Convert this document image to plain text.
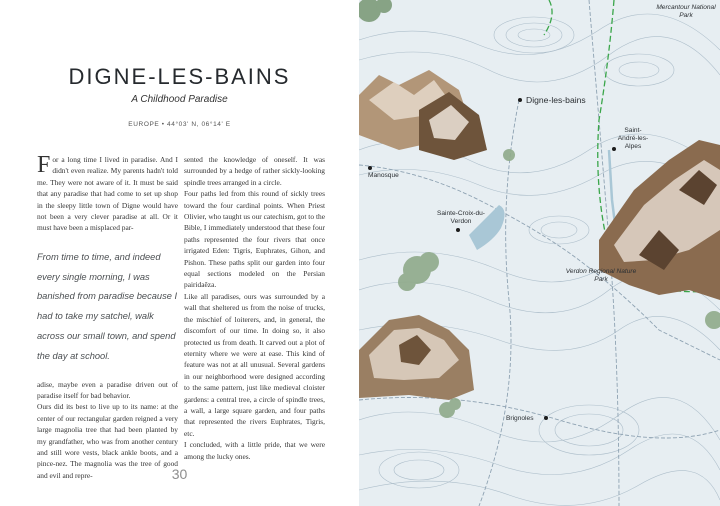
DIGNE-LES-BAINS
A Childhood Paradise
EUROPE • 44°03' N, 06°14' E

For a long time I lived in paradise. And I didn't even realize. My parents hadn't told me. They were not aware of it. It must be said that any paradise that had come to set up shop in the sleepy little town of Digne would have not been a very clever paradise at all. Or it must have been a misplaced par-

From time to time, and indeed every single morning, I was banished from paradise because I had to take my satchel, walk across our small town, and spend the day at school.

adise, maybe even a paradise driven out of paradise itself for bad behavior.

Ours did its best to live up to its name: at the center of our rectangular garden reigned a very large magnolia tree that had been planted by my grandfather, who was from another century and still wore vests, black ankle boots, and a pince-nez. The magnolia was the tree of good and evil and repre-

sented the knowledge of oneself. It was surrounded by a hedge of rather sickly-looking spindle trees arranged in a circle.

Four paths led from this round of sickly trees toward the four cardinal points. When Priest Olivier, who taught us our catechism, got to the Bible, I immediately understood that these four paths represented the four rivers that once irrigated Eden: Tigris, Euphrates, Gihon, and Pishon. These paths split our garden into four equal sections modeled on the Persian pairidaêza.

Like all paradises, ours was surrounded by a wall that sheltered us from the noise of trucks, the mischief of loiterers, and, in general, the discomfort of our time. In doing so, it also protected us from death. It carved out a plot of eternity where we were at ease. This kind of feature was not at all unusual. Several gardens in our neighborhood were designed according to the same pattern, just like medieval cloister gardens: a central tree, a circle of spindle trees, a wall, a large square garden, and four paths that represented the rivers Euphrates, Tigris, etc.

I concluded, with a little pride, that we were among the lucky ones.

30
Mercantour National Park
Digne-les-bains
Saint-André-les-Alpes
Manosque
Sainte-Croix-du-Verdon
Verdon Regional Nature Park
Brignoles
